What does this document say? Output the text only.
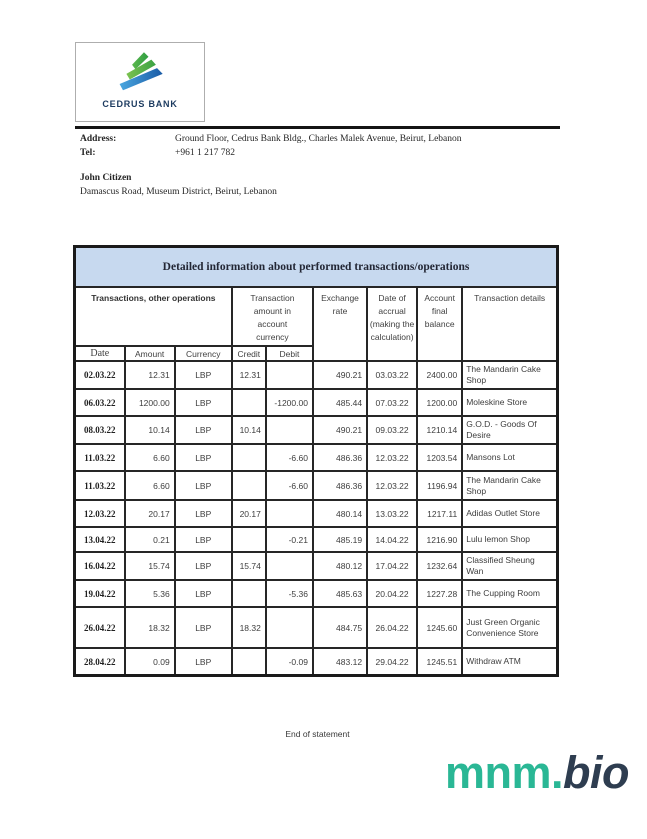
CEDRUS BANK
Address:	Ground Floor, Cedrus Bank Bldg., Charles Malek Avenue, Beirut, Lebanon
Tel:	+961 1 217 782
John Citizen
Damascus Road, Museum District, Beirut, Lebanon
Detailed information about performed transactions/operations								
Transactions, other operations			Transaction amount in account currency		Exchange rate	Date of accrual (making the calculation)	Account final balance	Transaction details
Date	Amount	Currency	Credit	Debit				
02.03.22	12.31	LBP	12.31		490.21	03.03.22	2400.00	The Mandarin Cake Shop
06.03.22	1200.00	LBP		-1200.00	485.44	07.03.22	1200.00	Moleskine Store
08.03.22	10.14	LBP	10.14		490.21	09.03.22	1210.14	G.O.D. - Goods Of Desire
11.03.22	6.60	LBP		-6.60	486.36	12.03.22	1203.54	Mansons Lot
11.03.22	6.60	LBP		-6.60	486.36	12.03.22	1196.94	The Mandarin Cake Shop
12.03.22	20.17	LBP	20.17		480.14	13.03.22	1217.11	Adidas Outlet Store
13.04.22	0.21	LBP		-0.21	485.19	14.04.22	1216.90	Lulu lemon Shop
16.04.22	15.74	LBP	15.74		480.12	17.04.22	1232.64	Classified Sheung Wan
19.04.22	5.36	LBP		-5.36	485.63	20.04.22	1227.28	The Cupping Room
26.04.22	18.32	LBP	18.32		484.75	26.04.22	1245.60	Just Green Organic Convenience Store
28.04.22	0.09	LBP		-0.09	483.12	29.04.22	1245.51	Withdraw ATM
End of statement
mnm.bio
